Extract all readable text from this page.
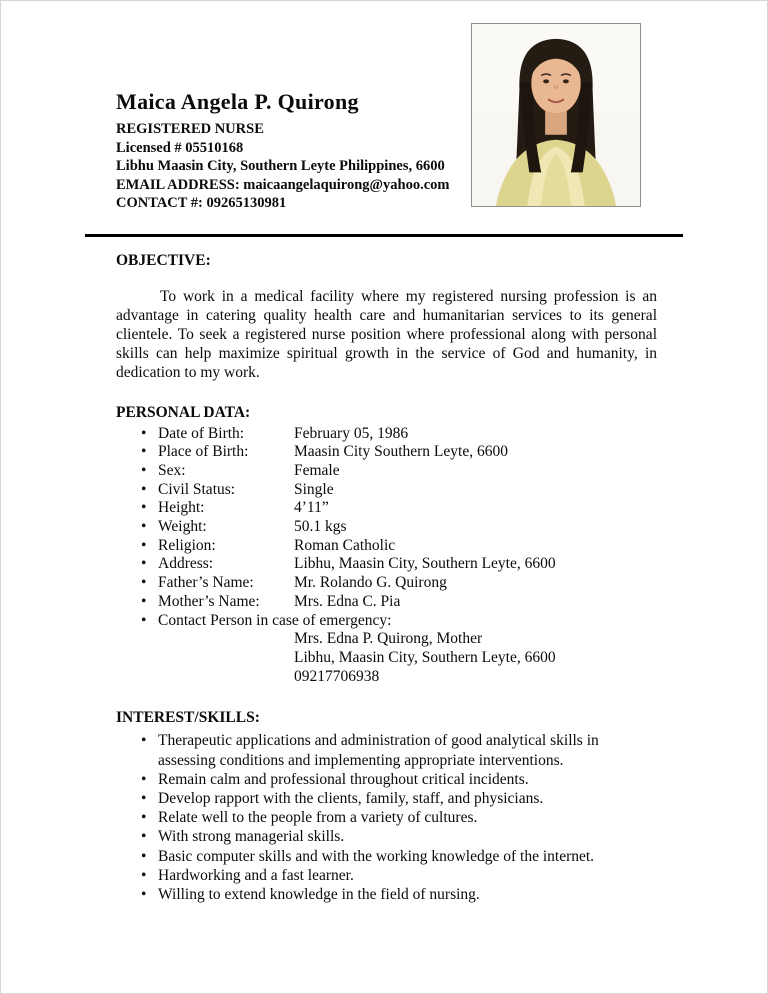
Maica Angela P. Quirong
REGISTERED NURSE
Licensed # 05510168
Libhu Maasin City, Southern Leyte Philippines, 6600
EMAIL ADDRESS: maicaangelaquirong@yahoo.com
CONTACT #: 09265130981
OBJECTIVE:

To work in a medical facility where my registered nursing profession is an advantage in catering quality health care and humanitarian services to its general clientele. To seek a registered nurse position where professional along with personal skills can help maximize spiritual growth in the service of God and humanity, in dedication to my work.

PERSONAL DATA:
• Date of Birth:	February 05, 1986
• Place of Birth:	Maasin City Southern Leyte, 6600
• Sex:	Female
• Civil Status:	Single
• Height:	4’11”
• Weight:	50.1 kgs
• Religion:	Roman Catholic
• Address:	Libhu, Maasin City, Southern Leyte, 6600
• Father’s Name:	Mr. Rolando G. Quirong
• Mother’s Name:	Mrs. Edna C. Pia
• Contact Person in case of emergency:
Mrs. Edna P. Quirong, Mother
Libhu, Maasin City, Southern Leyte, 6600
09217706938
INTEREST/SKILLS:
• Therapeutic applications and administration of good analytical skills in assessing conditions and implementing appropriate interventions.
• Remain calm and professional throughout critical incidents.
• Develop rapport with the clients, family, staff, and physicians.
• Relate well to the people from a variety of cultures.
• With strong managerial skills.
• Basic computer skills and with the working knowledge of the internet.
• Hardworking and a fast learner.
• Willing to extend knowledge in the field of nursing.
